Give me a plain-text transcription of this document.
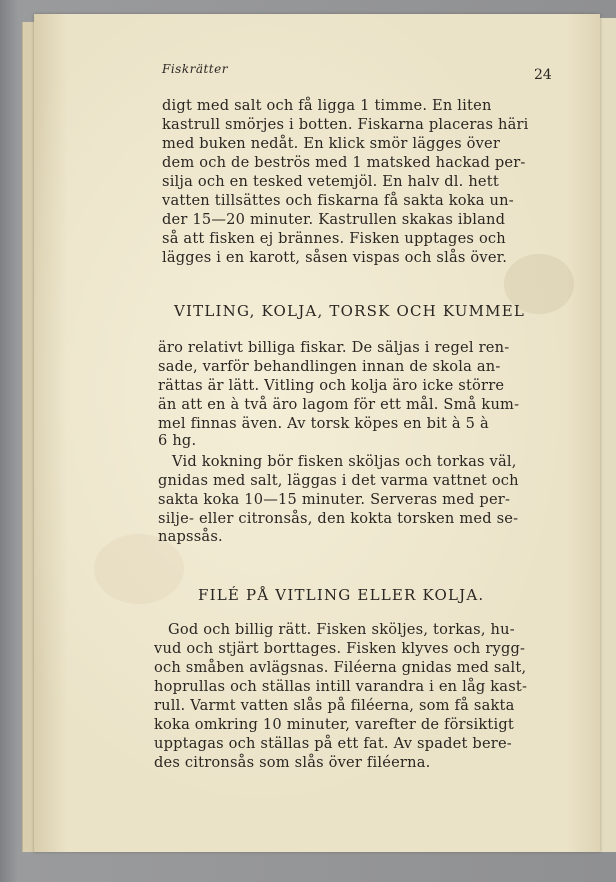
Fiskrätter	24
digt med salt och få ligga 1 timme. En liten
kastrull smörjes i botten. Fiskarna placeras häri
med buken nedåt. En klick smör lägges över
dem och de beströs med 1 matsked hackad per-
silja och en tesked vetemjöl. En halv dl. hett
vatten tillsättes och fiskarna få sakta koka un-
der 15—20 minuter. Kastrullen skakas ibland
så att fisken ej brännes. Fisken upptages och
lägges i en karott, såsen vispas och slås över.
VITLING, KOLJA, TORSK OCH KUMMEL
äro relativt billiga fiskar. De säljas i regel ren-
sade, varför behandlingen innan de skola an-
rättas är lätt. Vitling och kolja äro icke större
än att en à två äro lagom för ett mål. Små kum-
mel finnas även. Av torsk köpes en bit à 5 à
6 hg.
Vid kokning bör fisken sköljas och torkas väl,
gnidas med salt, läggas i det varma vattnet och
sakta koka 10—15 minuter. Serveras med per-
silje- eller citronsås, den kokta torsken med se-
napssås.
FILÉ PÅ VITLING ELLER KOLJA.
God och billig rätt. Fisken sköljes, torkas, hu-
vud och stjärt borttages. Fisken klyves och rygg-
och småben avlägsnas. Filéerna gnidas med salt,
hoprullas och ställas intill varandra i en låg kast-
rull. Varmt vatten slås på filéerna, som få sakta
koka omkring 10 minuter, varefter de försiktigt
upptagas och ställas på ett fat. Av spadet bere-
des citronsås som slås över filéerna.
